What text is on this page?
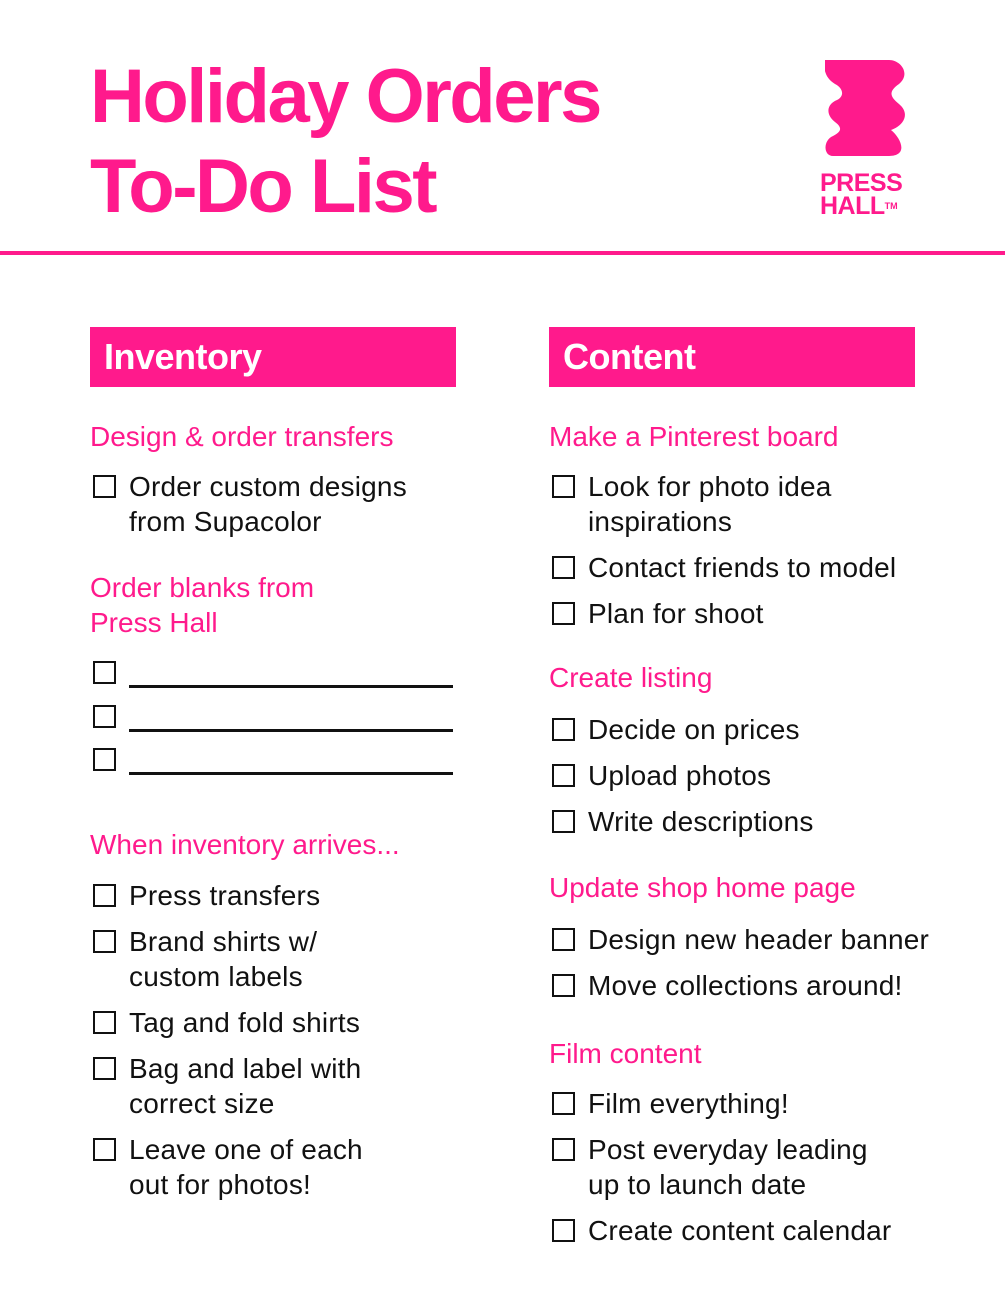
Holiday Orders
To-Do List	PRESS
HALL™
Inventory
Design & order transfers
Order custom designs
from Supacolor
Order blanks from
Press Hall
When inventory arrives...
Press transfers
Brand shirts w/
custom labels
Tag and fold shirts
Bag and label with
correct size
Leave one of each
out for photos!
Content
Make a Pinterest board
Look for photo idea
inspirations
Contact friends to model
Plan for shoot
Create listing
Decide on prices
Upload photos
Write descriptions
Update shop home page
Design new header banner
Move collections around!
Film content
Film everything!
Post everyday leading
up to launch date
Create content calendar
